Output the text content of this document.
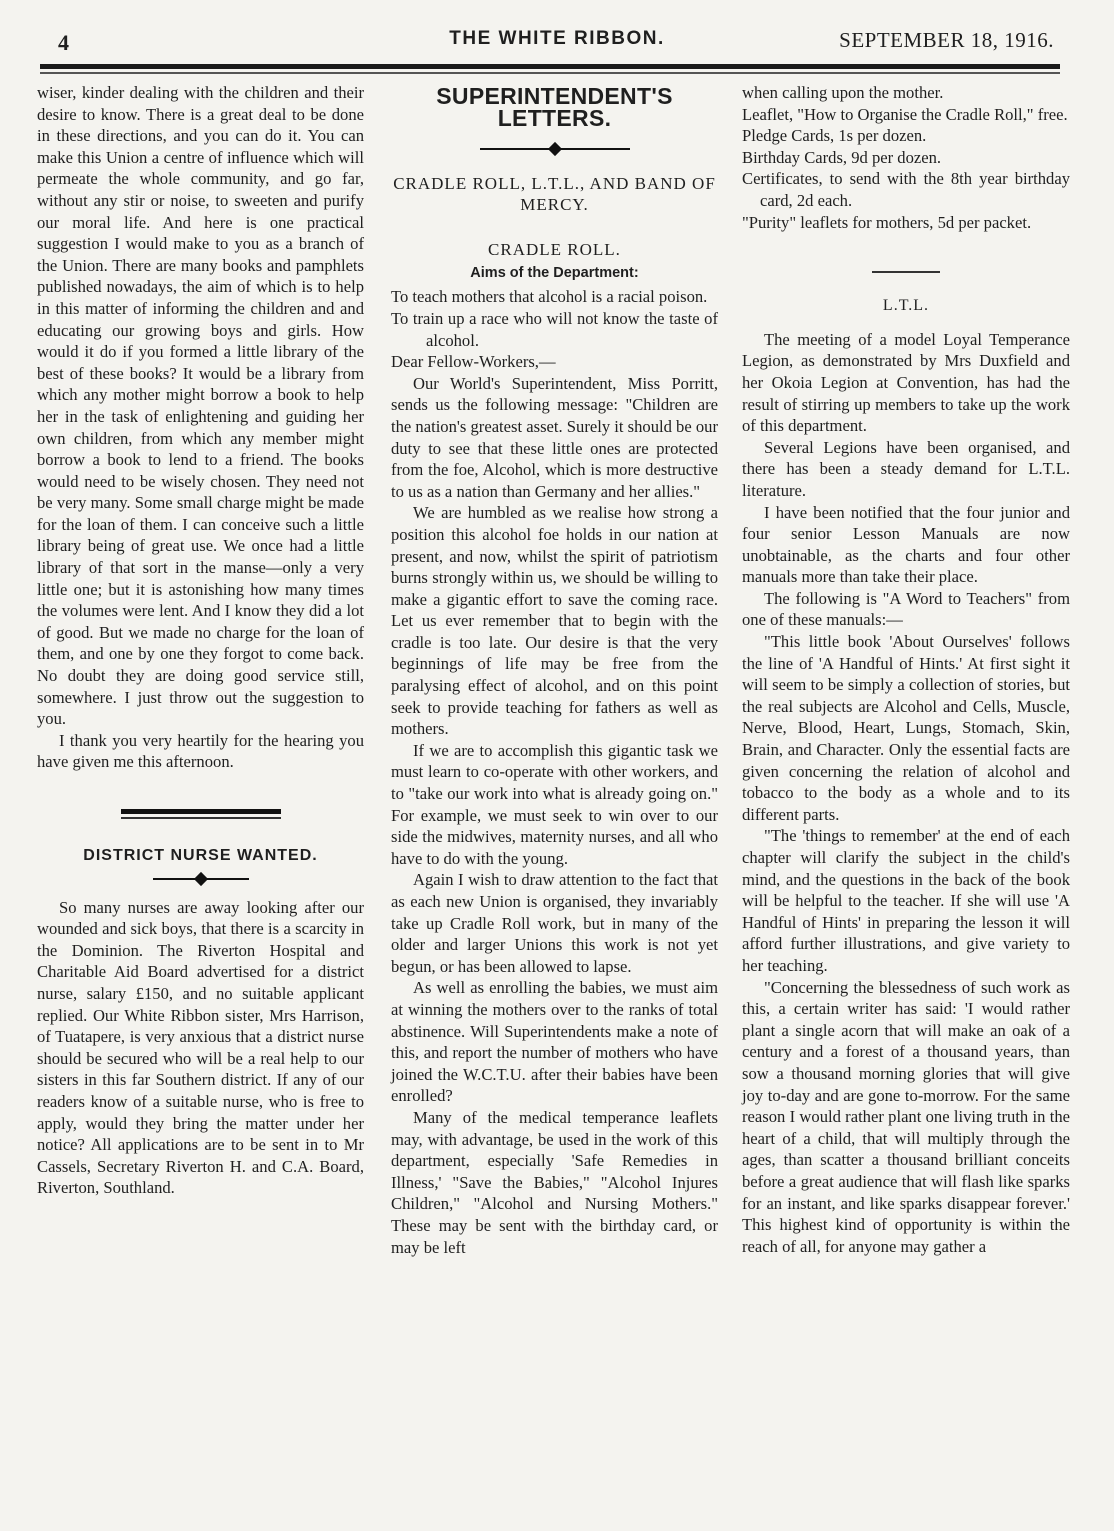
4	THE WHITE RIBBON.	SEPTEMBER 18, 1916.

wiser, kinder dealing with the children and their desire to know. There is a great deal to be done in these directions, and you can do it. You can make this Union a centre of influence which will permeate the whole community, and go far, without any stir or noise, to sweeten and purify our moral life. And here is one practical suggestion I would make to you as a branch of the Union. There are many books and pamphlets published nowadays, the aim of which is to help in this matter of informing the children and and educating our growing boys and girls. How would it do if you formed a little library of the best of these books? It would be a library from which any mother might borrow a book to help her in the task of enlightening and guiding her own children, from which any member might borrow a book to lend to a friend. The books would need to be wisely chosen. They need not be very many. Some small charge might be made for the loan of them. I can conceive such a little library being of great use. We once had a little library of that sort in the manse—only a very little one; but it is astonishing how many times the volumes were lent. And I know they did a lot of good. But we made no charge for the loan of them, and one by one they forgot to come back. No doubt they are doing good service still, somewhere. I just throw out the suggestion to you.

I thank you very heartily for the hearing you have given me this afternoon.

DISTRICT NURSE WANTED.

So many nurses are away looking after our wounded and sick boys, that there is a scarcity in the Dominion. The Riverton Hospital and Charitable Aid Board advertised for a district nurse, salary £150, and no suitable applicant replied. Our White Ribbon sister, Mrs Harrison, of Tuatapere, is very anxious that a district nurse should be secured who will be a real help to our sisters in this far Southern district. If any of our readers know of a suitable nurse, who is free to apply, would they bring the matter under her notice? All applications are to be sent in to Mr Cassels, Secretary Riverton H. and C.A. Board, Riverton, Southland.

SUPERINTENDENT'S LETTERS.
CRADLE ROLL, L.T.L., AND BAND OF MERCY.
CRADLE ROLL.
Aims of the Department:

To teach mothers that alcohol is a racial poison.

To train up a race who will not know the taste of alcohol.

Dear Fellow-Workers,—

Our World's Superintendent, Miss Porritt, sends us the following message: "Children are the nation's greatest asset. Surely it should be our duty to see that these little ones are protected from the foe, Alcohol, which is more destructive to us as a nation than Germany and her allies."

We are humbled as we realise how strong a position this alcohol foe holds in our nation at present, and now, whilst the spirit of patriotism burns strongly within us, we should be willing to make a gigantic effort to save the coming race. Let us ever remember that to begin with the cradle is too late. Our desire is that the very beginnings of life may be free from the paralysing effect of alcohol, and on this point seek to provide teaching for fathers as well as mothers.

If we are to accomplish this gigantic task we must learn to co-operate with other workers, and to "take our work into what is already going on." For example, we must seek to win over to our side the midwives, maternity nurses, and all who have to do with the young.

Again I wish to draw attention to the fact that as each new Union is organised, they invariably take up Cradle Roll work, but in many of the older and larger Unions this work is not yet begun, or has been allowed to lapse.

As well as enrolling the babies, we must aim at winning the mothers over to the ranks of total abstinence. Will Superintendents make a note of this, and report the number of mothers who have joined the W.C.T.U. after their babies have been enrolled?

Many of the medical temperance leaflets may, with advantage, be used in the work of this department, especially 'Safe Remedies in Illness,' "Save the Babies," "Alcohol Injures Children," "Alcohol and Nursing Mothers." These may be sent with the birthday card, or may be left

when calling upon the mother.

Leaflet, "How to Organise the Cradle Roll," free.

Pledge Cards, 1s per dozen.

Birthday Cards, 9d per dozen.

Certificates, to send with the 8th year birthday card, 2d each.

"Purity" leaflets for mothers, 5d per packet.

L.T.L.

The meeting of a model Loyal Temperance Legion, as demonstrated by Mrs Duxfield and her Okoia Legion at Convention, has had the result of stirring up members to take up the work of this department.

Several Legions have been organised, and there has been a steady demand for L.T.L. literature.

I have been notified that the four junior and four senior Lesson Manuals are now unobtainable, as the charts and four other manuals more than take their place.

The following is "A Word to Teachers" from one of these manuals:—

"This little book 'About Ourselves' follows the line of 'A Handful of Hints.' At first sight it will seem to be simply a collection of stories, but the real subjects are Alcohol and Cells, Muscle, Nerve, Blood, Heart, Lungs, Stomach, Skin, Brain, and Character. Only the essential facts are given concerning the relation of alcohol and tobacco to the body as a whole and to its different parts.

"The 'things to remember' at the end of each chapter will clarify the subject in the child's mind, and the questions in the back of the book will be helpful to the teacher. If she will use 'A Handful of Hints' in preparing the lesson it will afford further illustrations, and give variety to her teaching.

"Concerning the blessedness of such work as this, a certain writer has said: 'I would rather plant a single acorn that will make an oak of a century and a forest of a thousand years, than sow a thousand morning glories that will give joy to-day and are gone to-morrow. For the same reason I would rather plant one living truth in the heart of a child, that will multiply through the ages, than scatter a thousand brilliant conceits before a great audience that will flash like sparks for an instant, and like sparks disappear forever.' This highest kind of opportunity is within the reach of all, for anyone may gather a
